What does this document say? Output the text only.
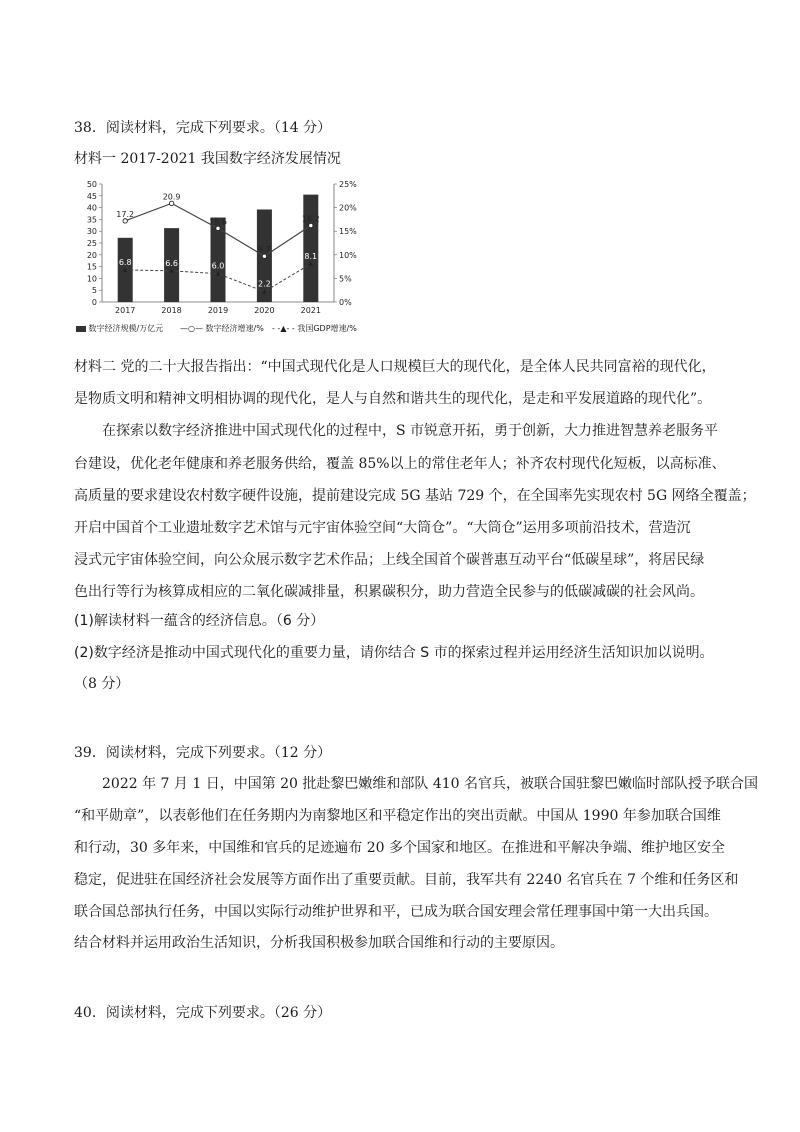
38．阅读材料，完成下列要求。（14 分）
材料一 2017-2021 我国数字经济发展情况
0
5
10
15
20
25
30
35
40
45
50
0%
5%
10%
15%
20%
25%
2017	2018	2019	2020	2021
17.2
20.9
15.6
9.7
16.2
6.8	6.6	6.0
2.2
8.1
数字经济规模/万亿元 —○— 数字经济增速/% - -▲- - 我国GDP增速/%
材料二 党的二十大报告指出：“中国式现代化是人口规模巨大的现代化，是全体人民共同富裕的现代化，
是物质文明和精神文明相协调的现代化，是人与自然和谐共生的现代化，是走和平发展道路的现代化”。
在探索以数字经济推进中国式现代化的过程中，S 市锐意开拓，勇于创新，大力推进智慧养老服务平
台建设，优化老年健康和养老服务供给，覆盖 85%以上的常住老年人；补齐农村现代化短板，以高标准、
高质量的要求建设农村数字硬件设施，提前建设完成 5G 基站 729 个，在全国率先实现农村 5G 网络全覆盖；
开启中国首个工业遗址数字艺术馆与元宇宙体验空间“大筒仓”。“大筒仓”运用多项前沿技术，营造沉
浸式元宇宙体验空间，向公众展示数字艺术作品；上线全国首个碳普惠互动平台“低碳星球”，将居民绿
色出行等行为核算成相应的二氧化碳减排量，积累碳积分，助力营造全民参与的低碳减碳的社会风尚。
(1)解读材料一蕴含的经济信息。（6 分）
(2)数字经济是推动中国式现代化的重要力量，请你结合 S 市的探索过程并运用经济生活知识加以说明。
（8 分）
39．阅读材料，完成下列要求。（12 分）
2022 年 7 月 1 日，中国第 20 批赴黎巴嫩维和部队 410 名官兵，被联合国驻黎巴嫩临时部队授予联合国
“和平勋章”，以表彰他们在任务期内为南黎地区和平稳定作出的突出贡献。中国从 1990 年参加联合国维
和行动，30 多年来，中国维和官兵的足迹遍布 20 多个国家和地区。在推进和平解决争端、维护地区安全
稳定，促进驻在国经济社会发展等方面作出了重要贡献。目前，我军共有 2240 名官兵在 7 个维和任务区和
联合国总部执行任务，中国以实际行动维护世界和平，已成为联合国安理会常任理事国中第一大出兵国。
结合材料并运用政治生活知识，分析我国积极参加联合国维和行动的主要原因。
40．阅读材料，完成下列要求。（26 分）
